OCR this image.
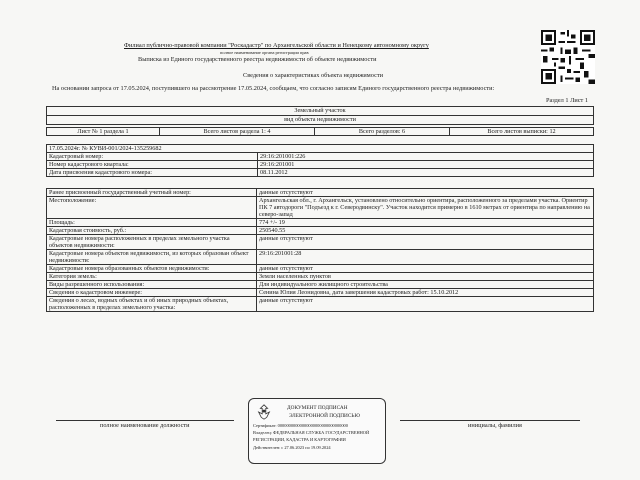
Филиал публично-правовой компании "Роскадастр" по Архангельской области и Ненецкому автономному округу
полное наименование органа регистрации прав
Выписка из Единого государственного реестра недвижимости об объекте недвижимости
Сведения о характеристиках объекта недвижимости
На основании запроса от 17.05.2024, поступившего на рассмотрение 17.05.2024, сообщаем, что согласно записям Единого государственного реестра недвижимости:
Раздел 1 Лист 1
Земельный участок
вид объекта недвижимости
Лист № 1 раздела 1	Всего листов раздела 1: 4	Всего разделов: 6	Всего листов выписки: 12
17.05.2024г. № КУВИ-001/2024-135259682	
Кадастровый номер:	29:16:201001:226
Номер кадастрового квартала:	29:16:201001
Дата присвоения кадастрового номера:	08.11.2012
Ранее присвоенный государственный учетный номер:	данные отсутствуют
Местоположение:	Архангельская обл., г. Архангельск, установлено относительно ориентира, расположенного за пределами участка. Ориентир ПК 7 автодороги "Подъезд к г. Северодвинску". Участок находится примерно в 1610 метрах от ориентира по направлению на северо-запад
Площадь:	774 +/- 19
Кадастровая стоимость, руб.:	250540.55
Кадастровые номера расположенных в пределах земельного участка объектов недвижимости:	данные отсутствуют
Кадастровые номера объектов недвижимости, из которых образован объект недвижимости:	29:16:201001:28
Кадастровые номера образованных объектов недвижимости:	данные отсутствуют
Категория земель:	Земли населенных пунктов
Виды разрешенного использования:	Для индивидуального жилищного строительства
Сведения о кадастровом инженере:	Сенина Юлия Леонидовна, дата завершения кадастровых работ: 15.10.2012
Сведения о лесах, водных объектах и об иных природных объектах, расположенных в пределах земельного участка:	данные отсутствуют
ДОКУМЕНТ ПОДПИСАН
ЭЛЕКТРОННОЙ ПОДПИСЬЮ
Сертификат: 00000000000000000000000000000000
Владелец: ФЕДЕРАЛЬНАЯ СЛУЖБА ГОСУДАРСТВЕННОЙ
РЕГИСТРАЦИИ, КАДАСТРА И КАРТОГРАФИИ
Действителен: с 27.06.2023 по 19.09.2024
полное наименование должности	инициалы, фамилия
